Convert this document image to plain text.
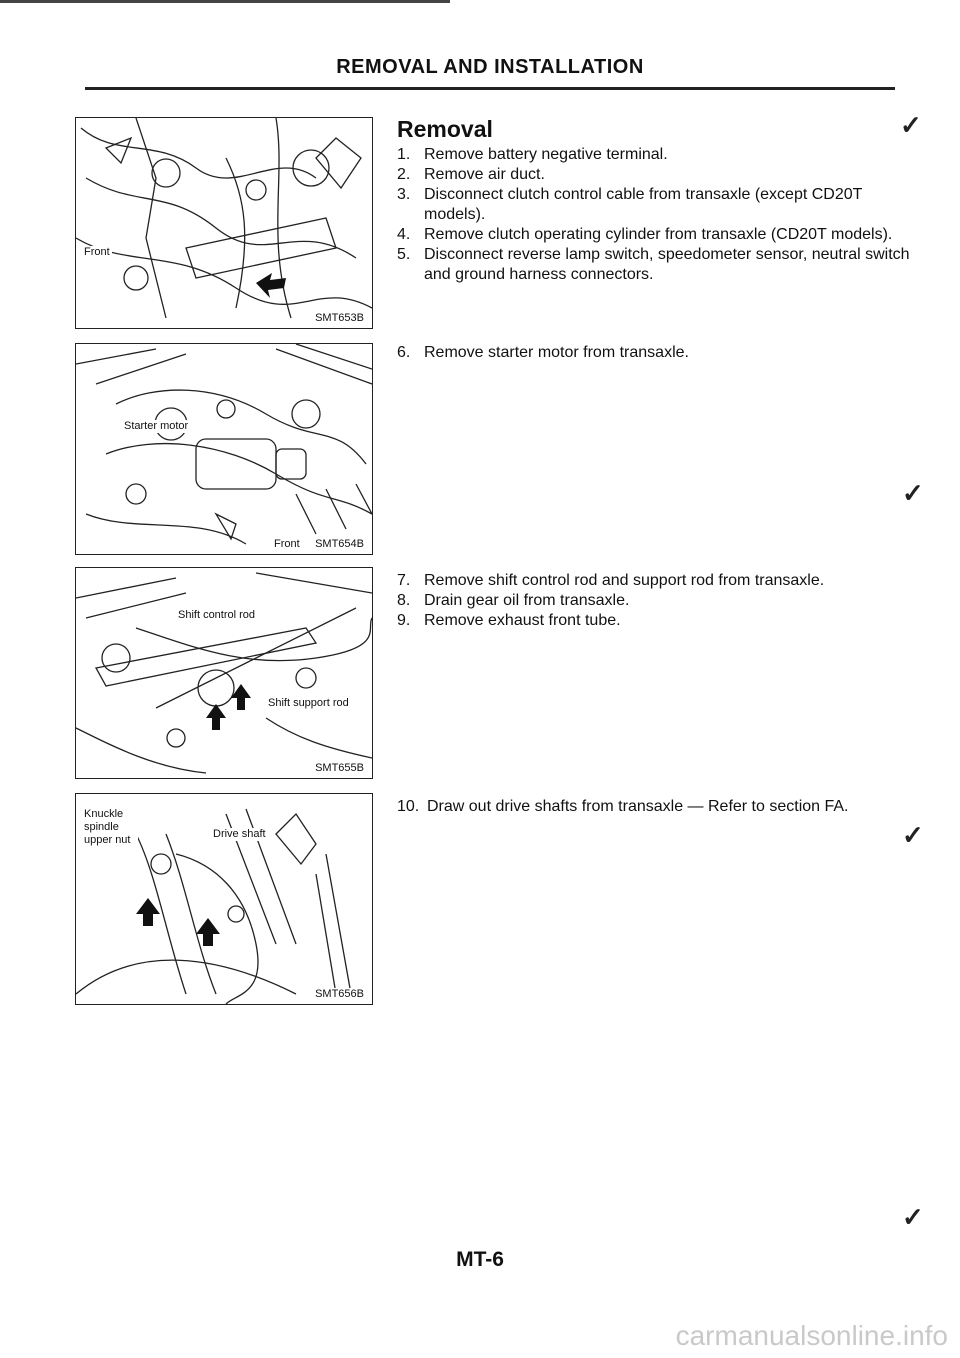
REMOVAL AND INSTALLATION
Front
SMT653B
Starter motor
Front SMT654B
Shift control rod
Shift support rod
SMT655B
Knuckle spindle upper nut	Drive shaft
SMT656B
Removal

1. Remove battery negative terminal.

2. Remove air duct.

3. Disconnect clutch control cable from transaxle (except CD20T models).

4. Remove clutch operating cylinder from transaxle (CD20T models).

5. Disconnect reverse lamp switch, speedometer sensor, neutral switch and ground harness connectors.

6. Remove starter motor from transaxle.

7. Remove shift control rod and support rod from transaxle.

8. Drain gear oil from transaxle.

9. Remove exhaust front tube.

10. Draw out drive shafts from transaxle — Refer to section FA.

✓
✓
✓
✓
MT-6
carmanualsonline.info
